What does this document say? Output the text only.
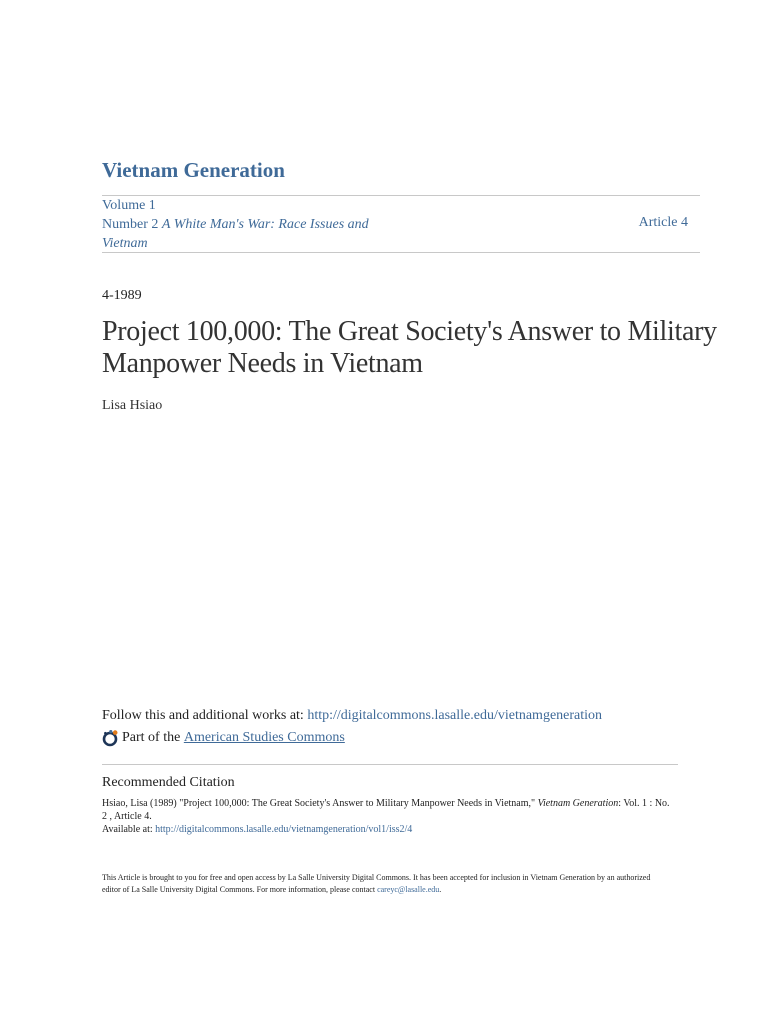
Vietnam Generation
Volume 1
Number 2 A White Man's War: Race Issues and Vietnam
Article 4
4-1989
Project 100,000: The Great Society's Answer to Military Manpower Needs in Vietnam
Lisa Hsiao
Follow this and additional works at: http://digitalcommons.lasalle.edu/vietnamgeneration
Part of the
American Studies Commons
Recommended Citation
Hsiao, Lisa (1989) "Project 100,000: The Great Society's Answer to Military Manpower Needs in Vietnam," Vietnam Generation: Vol. 1 : No. 2 , Article 4.
Available at: http://digitalcommons.lasalle.edu/vietnamgeneration/vol1/iss2/4
This Article is brought to you for free and open access by La Salle University Digital Commons. It has been accepted for inclusion in Vietnam Generation by an authorized editor of La Salle University Digital Commons. For more information, please contact careyc@lasalle.edu.
